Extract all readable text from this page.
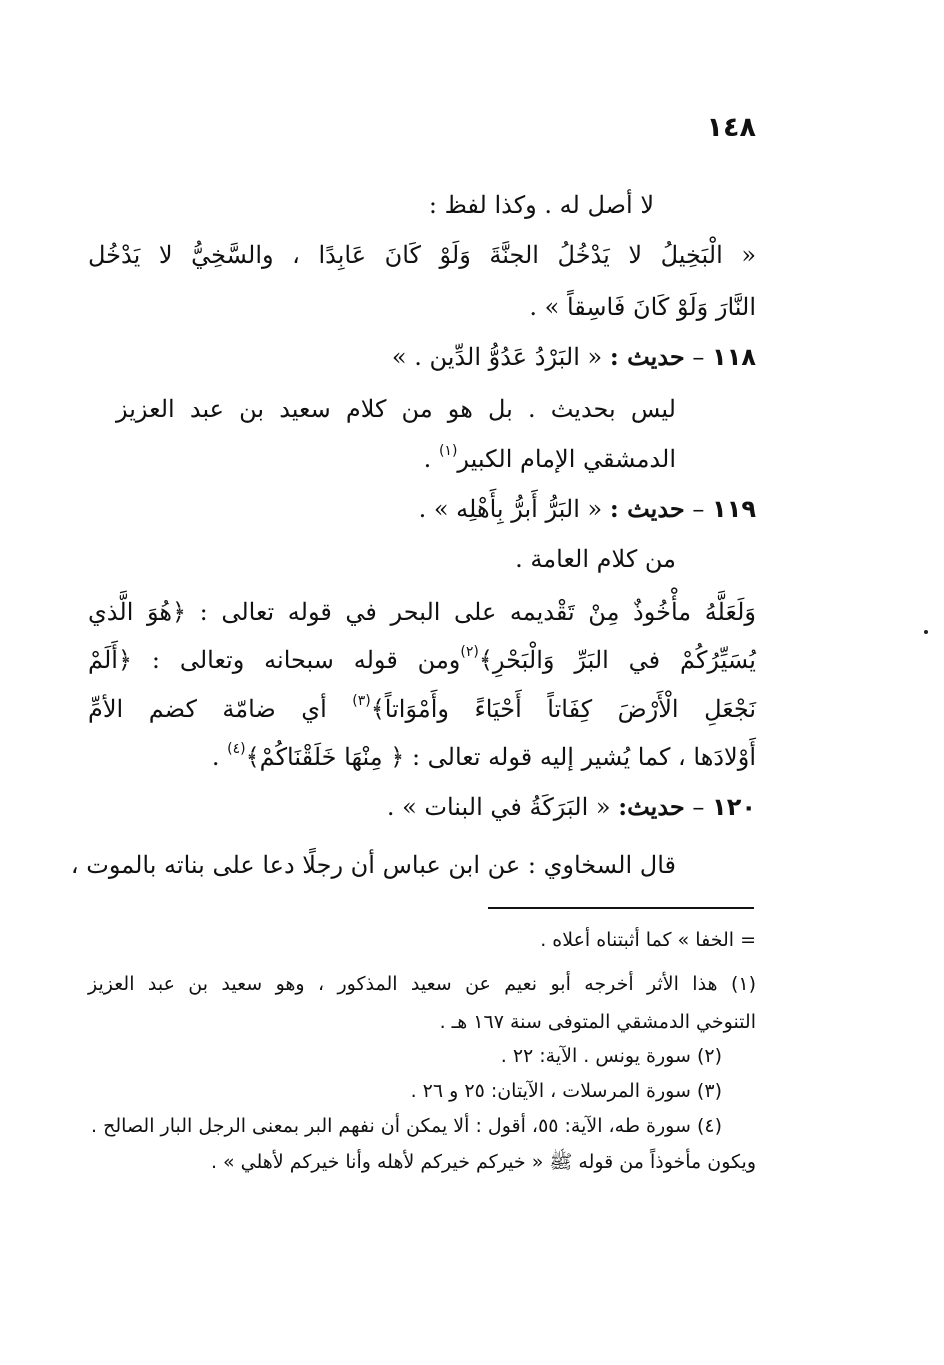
١٤٨
لا أصل له . وكذا لفظ :
« الْبَخِيلُ لا يَدْخُلُ الجنَّةَ وَلَوْ كَانَ عَابِدًا ، والسَّخِيُّ لا يَدْخُل
النَّارَ وَلَوْ كَانَ فَاسِقاً » .
١١٨ – حديث : « البَرْدُ عَدُوُّ الدِّين . »
ليس بحديث . بل هو من كلام سعيد بن عبد العزيز
الدمشقي الإمام الكبير$^{(١)}$ .
١١٩ – حديث : « البَرُّ أَبرُّ بِأَهْلِه » .
من كلام العامة .
وَلَعَلَّهُ مأْخُوذٌ مِنْ تَقْديمه على البحر في قوله تعالى : ﴿هُوَ الَّذي
يُسَيِّرُكُمْ في البَرِّ وَالْبَحْرِ﴾$^{(٢)}$ومن قوله سبحانه وتعالى : ﴿أَلَمْ
نَجْعَلِ الْأَرْضَ كِفَاتاً أَحْيَاءً وأَمْوَاتاً﴾$^{(٣)}$ أي ضامّة كضم الأمِّ
أَوْلادَها ، كما يُشير إليه قوله تعالى : ﴿ مِنْهَا خَلَقْنَاكُمْ﴾$^{(٤)}$ .
١٢٠ – حديث: « البَرَكَةُ في البنات » .
قال السخاوي : عن ابن عباس أن رجلًا دعا على بناته بالموت ،
= الخفا » كما أثبتناه أعلاه .
(١) هذا الأثر أخرجه أبو نعيم عن سعيد المذكور ، وهو سعيد بن عبد العزيز
التنوخي الدمشقي المتوفى سنة ١٦٧ هـ .
(٢) سورة يونس . الآية: ٢٢ .
(٣) سورة المرسلات ، الآيتان: ٢٥ و ٢٦ .
(٤) سورة طه، الآية: ٥٥، أقول : ألا يمكن أن نفهم البر بمعنى الرجل البار الصالح .
ويكون مأخوذاً من قوله ﷺ « خيركم خيركم لأهله وأنا خيركم لأهلي » .
